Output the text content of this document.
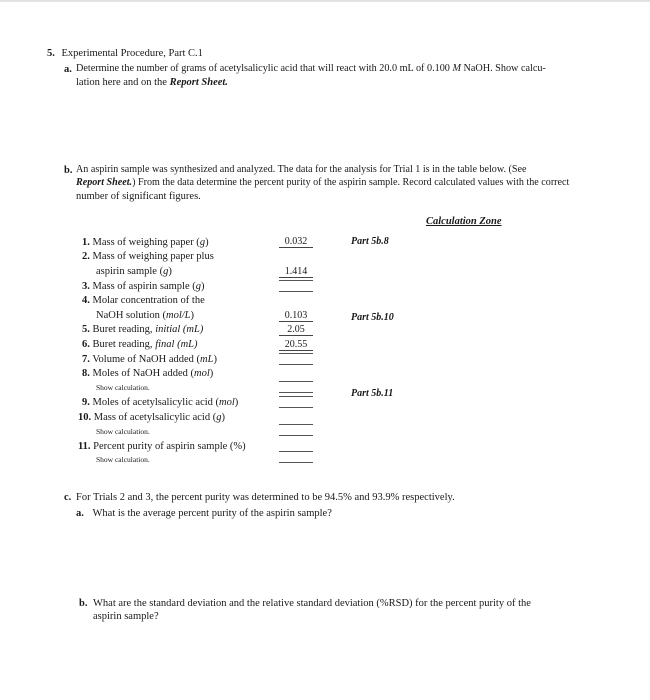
5. Experimental Procedure, Part C.1
a. Determine the number of grams of acetylsalicylic acid that will react with 20.0 mL of 0.100 M NaOH. Show calcu-
lation here and on the Report Sheet.
b. An aspirin sample was synthesized and analyzed. The data for the analysis for Trial 1 is in the table below. (See
Report Sheet.) From the data determine the percent purity of the aspirin sample. Record calculated values with the correct
number of significant figures.
Calculation Zone
1. Mass of weighing paper (g)
2. Mass of weighing paper plus
aspirin sample (g)
3. Mass of aspirin sample (g)
4. Molar concentration of the
NaOH solution (mol/L)
5. Buret reading, initial (mL)
6. Buret reading, final (mL)
7. Volume of NaOH added (mL)
8. Moles of NaOH added (mol)
Show calculation.
9. Moles of acetylsalicylic acid (mol)
10. Mass of acetylsalicylic acid (g)
Show calculation.
11. Percent purity of aspirin sample (%)
Show calculation.
0.032
1.414
0.103
2.05
20.55
Part 5b.8
Part 5b.10
Part 5b.11
c. For Trials 2 and 3, the percent purity was determined to be 94.5% and 93.9% respectively.
a. What is the average percent purity of the aspirin sample?
b. What are the standard deviation and the relative standard deviation (%RSD) for the percent purity of the
aspirin sample?
